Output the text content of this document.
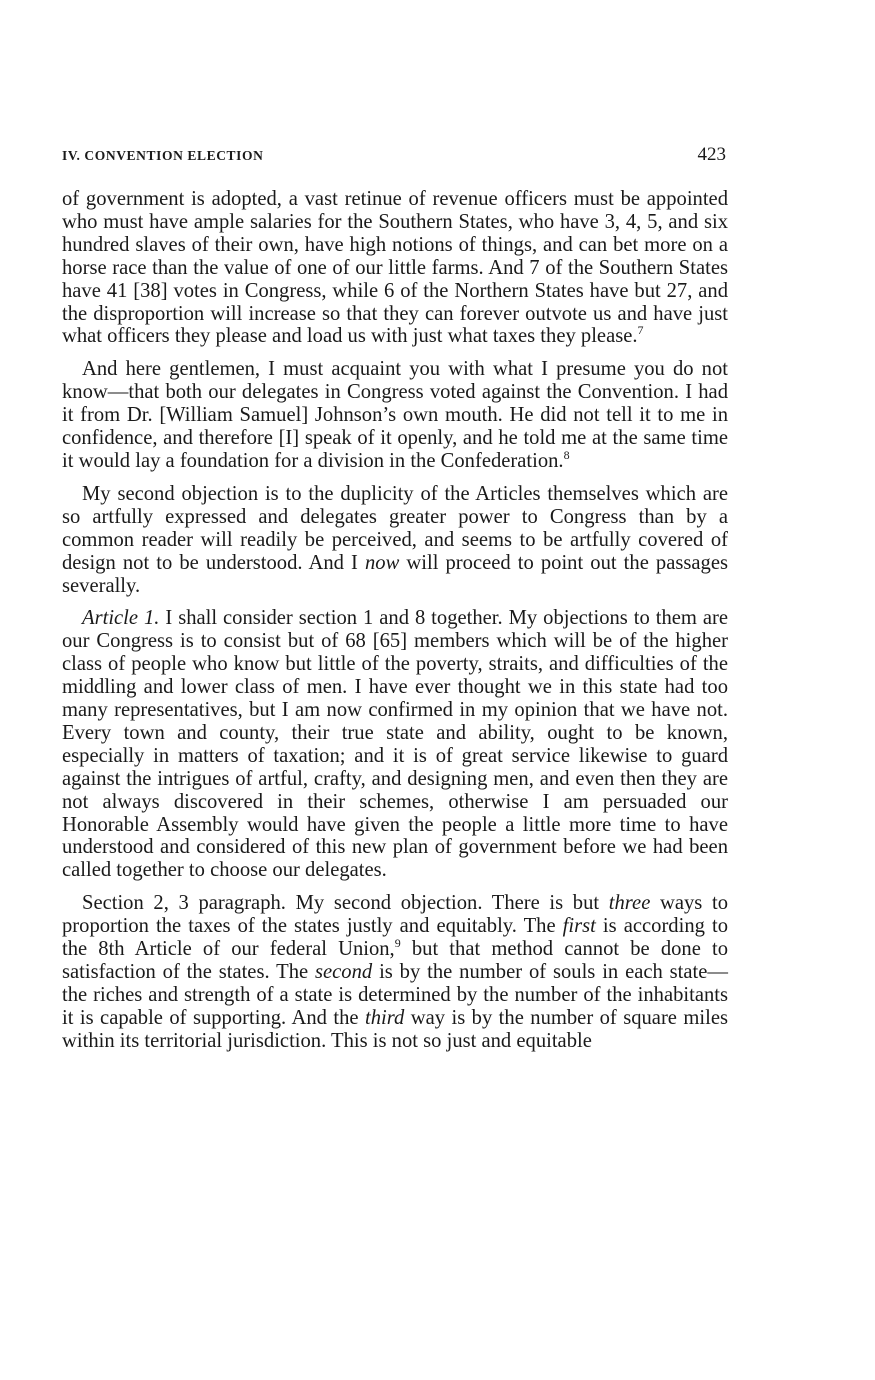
IV. CONVENTION ELECTION	423

of government is adopted, a vast retinue of revenue officers must be appointed who must have ample salaries for the Southern States, who have 3, 4, 5, and six hundred slaves of their own, have high notions of things, and can bet more on a horse race than the value of one of our little farms. And 7 of the Southern States have 41 [38] votes in Congress, while 6 of the Northern States have but 27, and the disproportion will increase so that they can forever outvote us and have just what officers they please and load us with just what taxes they please.$^7$

And here gentlemen, I must acquaint you with what I presume you do not know—that both our delegates in Congress voted against the Convention. I had it from Dr. [William Samuel] Johnson’s own mouth. He did not tell it to me in confidence, and therefore [I] speak of it openly, and he told me at the same time it would lay a foundation for a division in the Confederation.$^8$

My second objection is to the duplicity of the Articles themselves which are so artfully expressed and delegates greater power to Congress than by a common reader will readily be perceived, and seems to be artfully covered of design not to be understood. And I now will proceed to point out the passages severally.

Article 1. I shall consider section 1 and 8 together. My objections to them are our Congress is to consist but of 68 [65] members which will be of the higher class of people who know but little of the poverty, straits, and difficulties of the middling and lower class of men. I have ever thought we in this state had too many representatives, but I am now confirmed in my opinion that we have not. Every town and county, their true state and ability, ought to be known, especially in matters of taxation; and it is of great service likewise to guard against the intrigues of artful, crafty, and designing men, and even then they are not always discovered in their schemes, otherwise I am persuaded our Honorable Assembly would have given the people a little more time to have understood and considered of this new plan of government before we had been called together to choose our delegates.

Section 2, 3 paragraph. My second objection. There is but three ways to proportion the taxes of the states justly and equitably. The first is according to the 8th Article of our federal Union,$^9$ but that method cannot be done to satisfaction of the states. The second is by the number of souls in each state—the riches and strength of a state is determined by the number of the inhabitants it is capable of supporting. And the third way is by the number of square miles within its territorial jurisdiction. This is not so just and equitable
